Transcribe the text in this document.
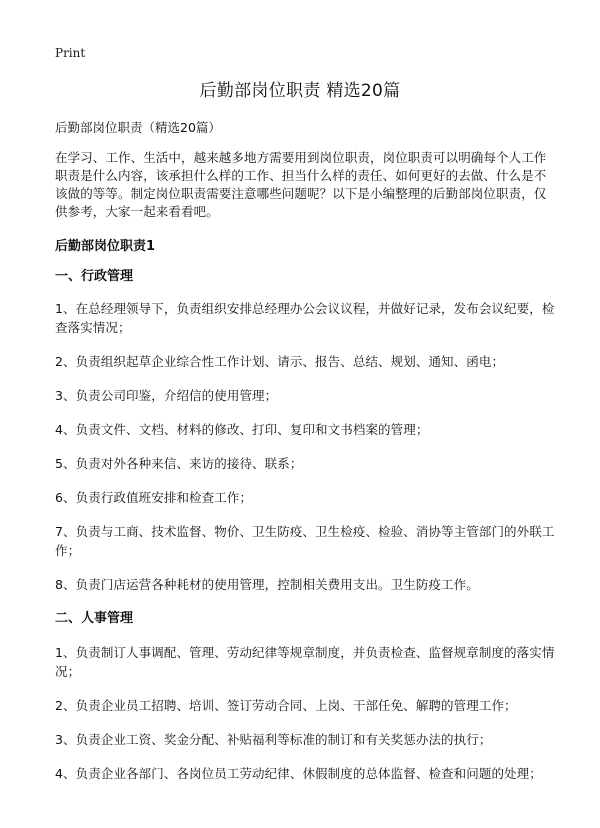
Print
后勤部岗位职责 精选20篇
后勤部岗位职责（精选20篇）

在学习、工作、生活中，越来越多地方需要用到岗位职责，岗位职责可以明确每个人工作职责是什么内容，该承担什么样的工作、担当什么样的责任、如何更好的去做、什么是不该做的等等。制定岗位职责需要注意哪些问题呢？以下是小编整理的后勤部岗位职责，仅供参考，大家一起来看看吧。

后勤部岗位职责1

一、行政管理

1、在总经理领导下，负责组织安排总经理办公会议议程，并做好记录，发布会议纪要，检查落实情况；

2、负责组织起草企业综合性工作计划、请示、报告、总结、规划、通知、函电；

3、负责公司印鉴，介绍信的使用管理；

4、负责文件、文档、材料的修改、打印、复印和文书档案的管理；

5、负责对外各种来信、来访的接待、联系；

6、负责行政值班安排和检查工作；

7、负责与工商、技术监督、物价、卫生防疫、卫生检疫、检验、消协等主管部门的外联工作；

8、负责门店运营各种耗材的使用管理，控制相关费用支出。卫生防疫工作。

二、人事管理

1、负责制订人事调配、管理、劳动纪律等规章制度，并负责检查、监督规章制度的落实情况；

2、负责企业员工招聘、培训、签订劳动合同、上岗、干部任免、解聘的管理工作；

3、负责企业工资、奖金分配、补贴福利等标准的制订和有关奖惩办法的执行；

4、负责企业各部门、各岗位员工劳动纪律、休假制度的总体监督、检查和问题的处理；
